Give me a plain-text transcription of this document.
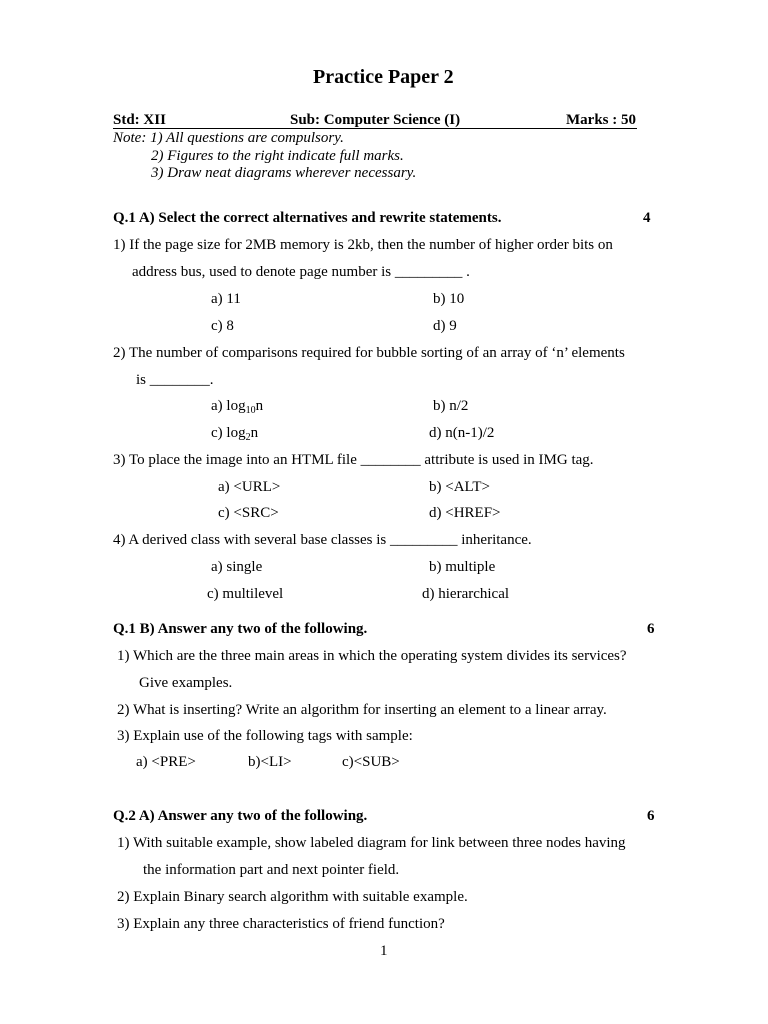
Practice Paper 2
Std: XII	Sub: Computer Science (I)	Marks : 50
Note: 1) All questions are compulsory.
2) Figures to the right indicate full marks.
3) Draw neat diagrams wherever necessary.
Q.1 A) Select the correct alternatives and rewrite statements.	4
1) If the page size for 2MB memory is 2kb, then the number of higher order bits on
address bus, used to denote page number is _________ .
a) 11	b) 10
c) 8	d) 9
2) The number of comparisons required for bubble sorting of an array of ‘n’ elements
is ________.
a) $\log_{10}n$	b) n/2
c) $\log_2n$	d) n(n-1)/2
3) To place the image into an HTML file ________ attribute is used in IMG tag.
a) <URL>	b) <ALT>
c) <SRC>	d) <HREF>
4) A derived class with several base classes is _________ inheritance.
a) single	b) multiple
c) multilevel	d) hierarchical
Q.1 B) Answer any two of the following.	6
1) Which are the three main areas in which the operating system divides its services?
Give examples.
2) What is inserting? Write an algorithm for inserting an element to a linear array.
3) Explain use of the following tags with sample:
a) <PRE>	b)<LI>	c)<SUB>
Q.2 A) Answer any two of the following.	6
1) With suitable example, show labeled diagram for link between three nodes having
the information part and next pointer field.
2) Explain Binary search algorithm with suitable example.
3) Explain any three characteristics of friend function?
1
